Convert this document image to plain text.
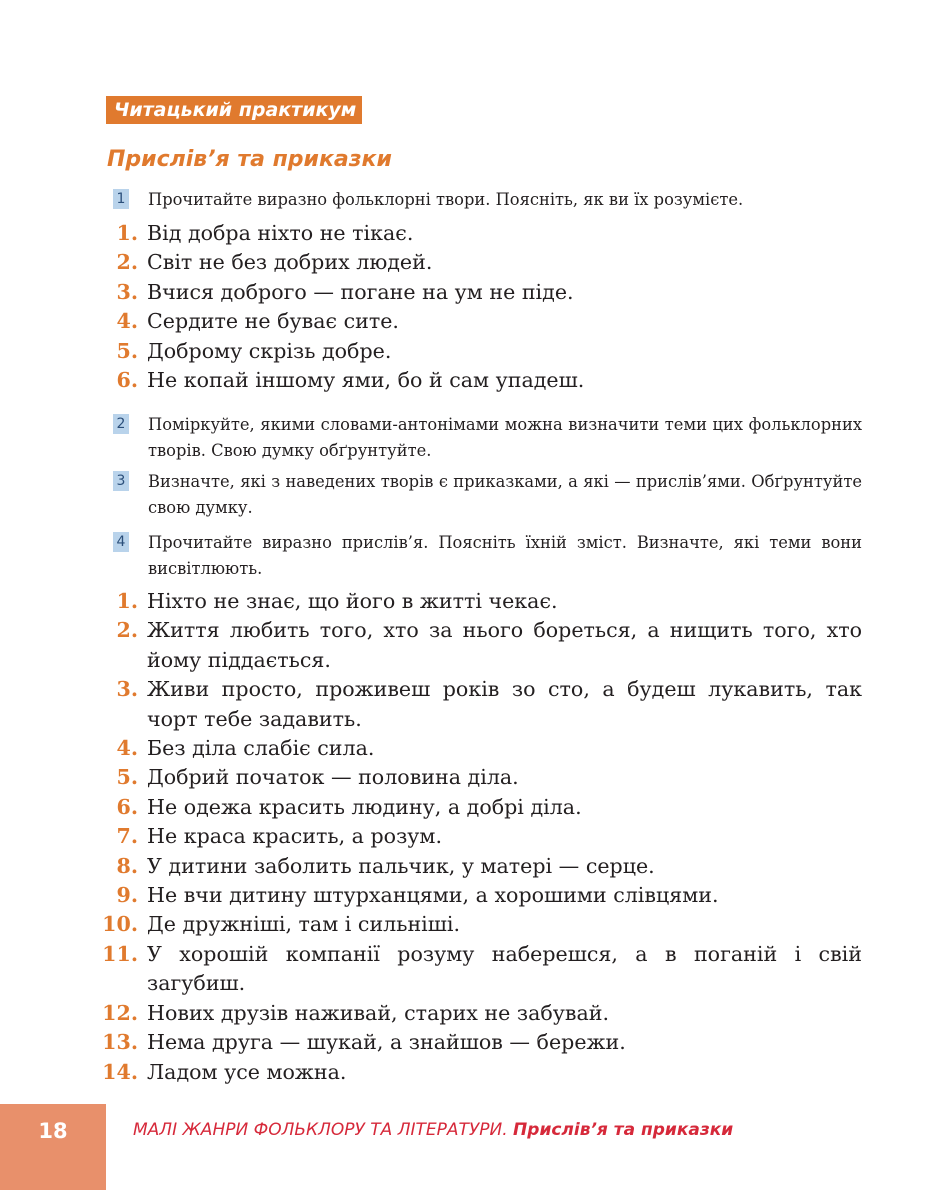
Читацький практикум
Прислів’я та приказки
1 Прочитайте виразно фольклорні твори. Поясніть, як ви їх розумієте.
1. Від добра ніхто не тікає.
2. Світ не без добрих людей.
3. Вчися доброго — погане на ум не піде.
4. Сердите не буває сите.
5. Доброму скрізь добре.
6. Не копай іншому ями, бо й сам упадеш.
2 Поміркуйте, якими словами-антонімами можна визначити теми цих фольклорних творів. Свою думку обґрунтуйте.
3 Визначте, які з наведених творів є приказками, а які — прислів’ями. Обґрунтуйте свою думку.
4 Прочитайте виразно прислів’я. Поясніть їхній зміст. Визначте, які теми вони висвітлюють.
1. Ніхто не знає, що його в житті чекає.
2. Життя любить того, хто за нього бореться, а нищить того, хто йому піддається.
3. Живи просто, проживеш років зо сто, а будеш лукавить, так чорт тебе задавить.
4. Без діла слабіє сила.
5. Добрий початок — половина діла.
6. Не одежа красить людину, а добрі діла.
7. Не краса красить, а розум.
8. У дитини заболить пальчик, у матері — серце.
9. Не вчи дитину штурханцями, а хорошими слівцями.
10. Де дружніші, там і сильніші.
11. У хорошій компанії розуму наберешся, а в поганій і свій загубиш.
12. Нових друзів наживай, старих не забувай.
13. Нема друга — шукай, а знайшов — бережи.
14. Ладом усе можна.
18	МАЛІ ЖАНРИ ФОЛЬКЛОРУ ТА ЛІТЕРАТУРИ. Прислів’я та приказки
